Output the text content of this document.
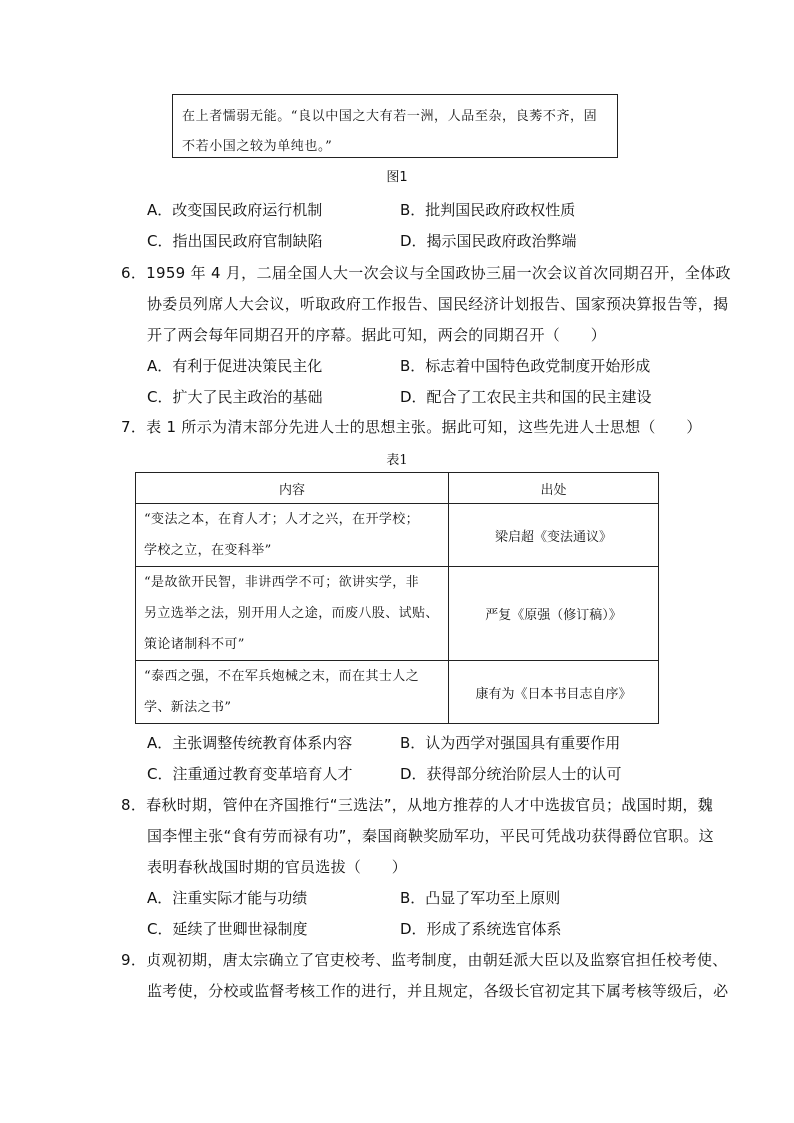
在上者懦弱无能。“良以中国之大有若一洲，人品至杂，良莠不齐，固
不若小国之较为单纯也。”
图1
A．改变国民政府运行机制	B．批判国民政府政权性质
C．指出国民政府官制缺陷	D．揭示国民政府政治弊端
6．1959 年 4 月，二届全国人大一次会议与全国政协三届一次会议首次同期召开，全体政
协委员列席人大会议，听取政府工作报告、国民经济计划报告、国家预决算报告等，揭
开了两会每年同期召开的序幕。据此可知，两会的同期召开（　　）
A．有利于促进决策民主化	B．标志着中国特色政党制度开始形成
C．扩大了民主政治的基础	D．配合了工农民主共和国的民主建设
7．表 1 所示为清末部分先进人士的思想主张。据此可知，这些先进人士思想（　　）
表1
内容	出处

“变法之本，在育人才；人才之兴，在开学校；
学校之立，在变科举”	梁启超《变法通议》

“是故欲开民智，非讲西学不可；欲讲实学，非
另立选举之法，别开用人之途，而废八股、试贴、
策论诸制科不可”	严复《原强（修订稿）》

“泰西之强，不在军兵炮械之末，而在其士人之
学、新法之书”	康有为《日本书目志自序》
A．主张调整传统教育体系内容	B．认为西学对强国具有重要作用
C．注重通过教育变革培育人才	D．获得部分统治阶层人士的认可
8．春秋时期，管仲在齐国推行“三选法”，从地方推荐的人才中选拔官员；战国时期，魏
国李悝主张“食有劳而禄有功”，秦国商鞅奖励军功，平民可凭战功获得爵位官职。这
表明春秋战国时期的官员选拔（　　）
A．注重实际才能与功绩	B．凸显了军功至上原则
C．延续了世卿世禄制度	D．形成了系统选官体系
9．贞观初期，唐太宗确立了官吏校考、监考制度，由朝廷派大臣以及监察官担任校考使、
监考使，分校或监督考核工作的进行，并且规定，各级长官初定其下属考核等级后，必
